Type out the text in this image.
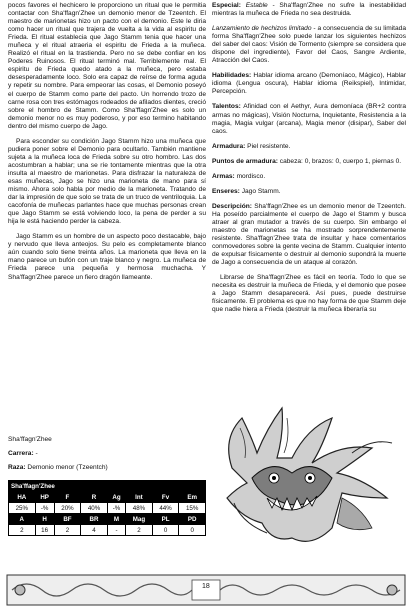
pocos favores el hechicero le proporciono un ritual que le permitia contactar con Sha'ffagn'Zhee un demonio menor de Tzeentch. El maestro de marionetas hizo un pacto con el demonio. Este le diria como hacer un ritual que trajera de vuelta a la vida al espiritu de Frieda. El ritual establecia que Jago Stamm tenia que hacer una muñeca y el ritual atraeria el espiritu de Frieda a la muñeca. Realizó el ritual en la trastienda. Pero no se debe confiar en los Poderes Ruinosos. El ritual terminó mal. Terriblemente mal. El espiritu de Frieda quedo atado a la muñeca, pero estaba desesperadamente loco. Solo era capaz de reírse de forma aguda y repetir su nombre. Para empeorar las cosas, el Demonio poseyó el cuerpo de Stamm como parte del pacto. Un horrendo trozo de carne rosa con tres estómagos rodeados de afilados dientes, creció sobre el hombro de Stamm. Como Sha'ffagn'Zhee es solo un demonio menor no es muy poderoso, y por eso termino habitando dentro del mismo cuerpo de Jago.

Para esconder su condición Jago Stamm hizo una muñeca que pudiera poner sobre el Demonio para ocultarlo. También mantiene sujeta a la muñeca loca de Frieda sobre su otro hombro. Las dos acostumbran a hablar; una se ríe tontamente mientras que la otra insulta al maestro de marionetas. Para disfrazar la naturaleza de esas muñecas, Jago se hizo una marioneta de mano para sí mismo. Ahora solo habla por medio de la marioneta. Tratando de dar la impresión de que solo se trata de un truco de ventriloquia. La cacofonía de muñecas parlantes hace que muchas personas crean que Jago Stamm se está volviendo loco, la pena de perder a su hija le está haciendo perder la cabeza.

Jago Stamm es un hombre de un aspecto poco destacable, bajo y nervudo que lleva anteojos. Su pelo es completamente blanco aún cuando solo tiene treinta años. La marioneta que lleva en la mano parece un bufón con un traje blanco y negro. La muñeca de Frieda parece una pequeña y hermosa muchacha. Y Sha'ffagn'Zhee parece un fiero dragón llameante.

Sha'ffagn'Zhee
Carrera: -
Raza: Demonio menor (Tzeentch)
Sha'ffagn'Zhee							
HA	HP	F	R	Ag	Int	Fv	Em
25%	-%	20%	40%	-%	48%	44%	15%
A	H	BF	BR	M	Mag	PL	PD
2	16	2	4	-	2	0	0

Especial: Estable - Sha'ffagn'Zhee no sufre la inestabilidad mientras la muñeca de Frieda no sea destruida.

Lanzamiento de hechizos limitado - a consecuencia de su limitada forma Sha'ffagn'Zhee solo puede lanzar los siguientes hechizos del saber del caos: Visión de Tormento (siempre se considera que dispone del ingrediente), Favor del Caos, Sangre Ardiente, Atracción del Caos.

Habilidades: Hablar idioma arcano (Demoníaco, Mágico), Hablar idioma (Lengua oscura), Hablar idioma (Reikspiel), Intimidar, Percepción.

Talentos: Afinidad con el Aethyr, Aura demoníaca (BR+2 contra armas no mágicas), Visión Nocturna, Inquietante, Resistencia a la magia, Magia vulgar (arcana), Magia menor (disipar), Saber del caos.

Armadura: Piel resistente.

Puntos de armadura: cabeza: 0, brazos: 0, cuerpo 1, piernas 0.

Armas: mordisco.

Enseres: Jago Stamm.

Descripción: Sha'ffagn'Zhee es un demonio menor de Tzeentch. Ha poseído parcialmente el cuerpo de Jago el Stamm y busca atraer al gran mutador a través de su cuerpo. Sin embargo el maestro de marionetas se ha mostrado sorprendentemente resistente. Sha'ffagn'Zhee trata de insultar y hace comentarios conmovedores sobre la gente vecina de Stamm. Cualquier intento de expulsar físicamente o destruir al demonio supondrá la muerte de Jago a consecuencia de un ataque al corazón.

Librarse de Sha'ffagn'Zhee es fácil en teoría. Todo lo que se necesita es destruir la muñeca de Frieda, y el demonio que posee a Jago Stamm desaparecerá. Así pues, puede destruirse físicamente. El problema es que no hay forma de que Stamm deje que nadie hiera a Frieda (destruir la muñeca liberaría su

18
